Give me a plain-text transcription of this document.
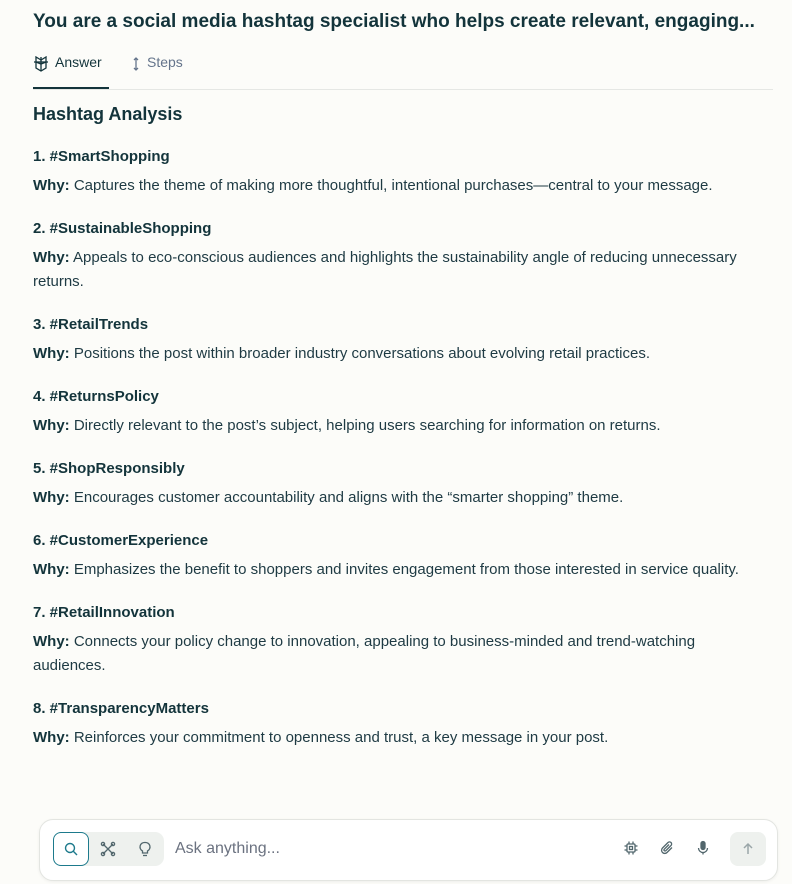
You are a social media hashtag specialist who helps create relevant, engaging...
Answer	Steps
Hashtag Analysis
1. #SmartShopping
Why: Captures the theme of making more thoughtful, intentional purchases—central to your message.
2. #SustainableShopping
Why: Appeals to eco-conscious audiences and highlights the sustainability angle of reducing unnecessary returns.
3. #RetailTrends
Why: Positions the post within broader industry conversations about evolving retail practices.
4. #ReturnsPolicy
Why: Directly relevant to the post’s subject, helping users searching for information on returns.
5. #ShopResponsibly
Why: Encourages customer accountability and aligns with the “smarter shopping” theme.
6. #CustomerExperience
Why: Emphasizes the benefit to shoppers and invites engagement from those interested in service quality.
7. #RetailInnovation
Why: Connects your policy change to innovation, appealing to business-minded and trend-watching audiences.
8. #TransparencyMatters
Why: Reinforces your commitment to openness and trust, a key message in your post.
Ask anything...
